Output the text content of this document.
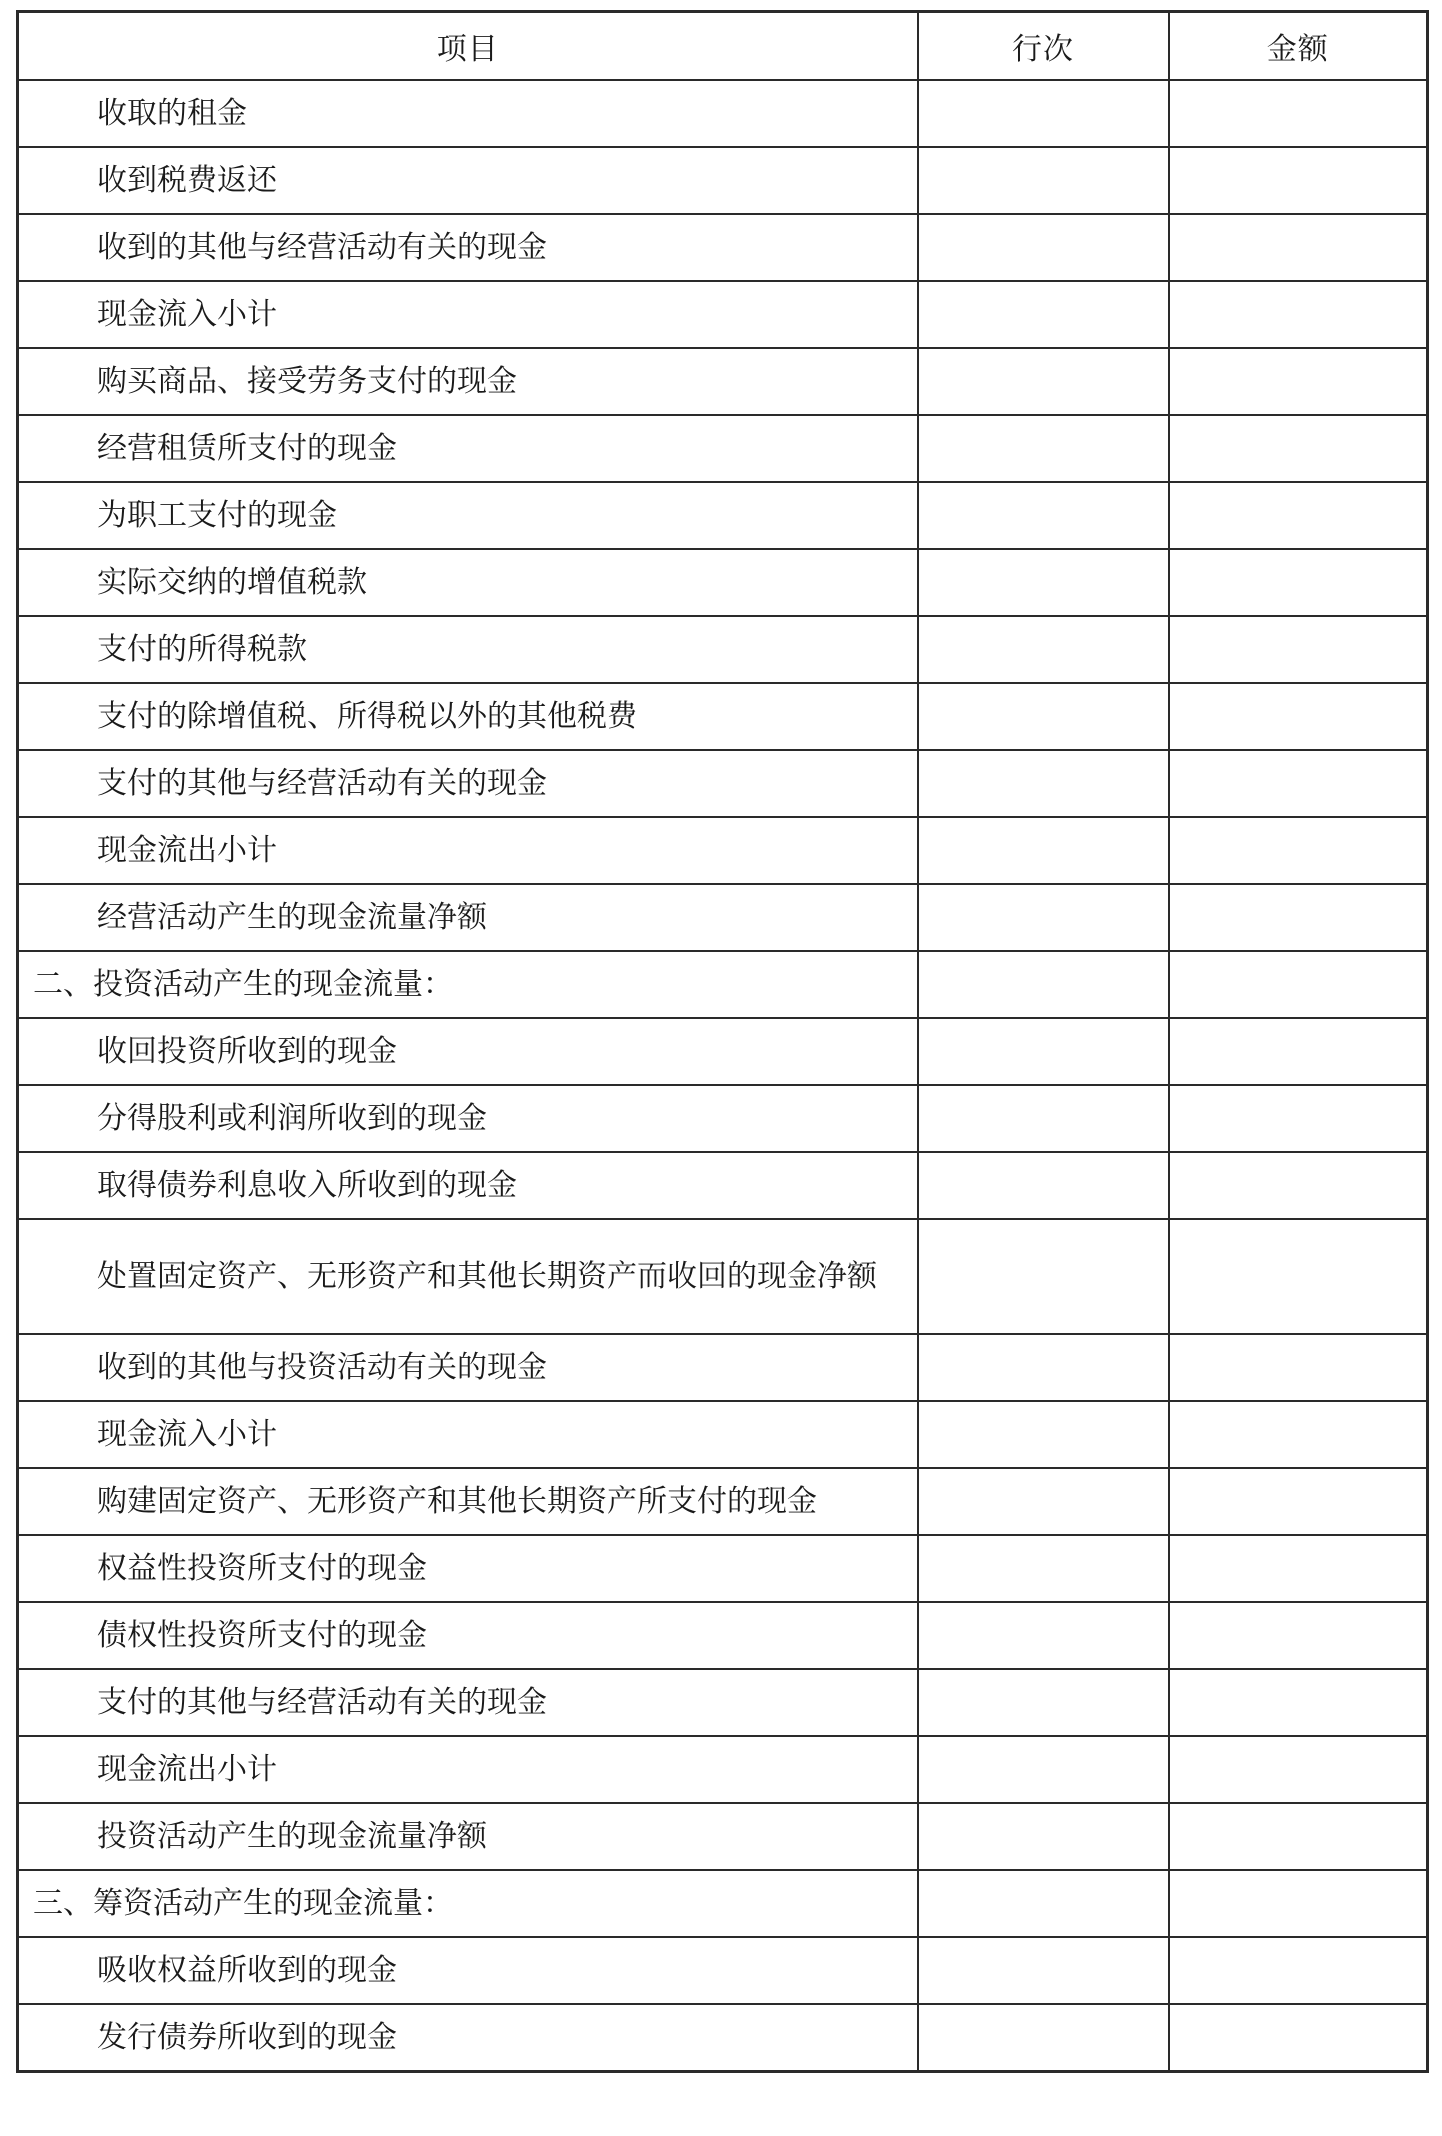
项目	行次	金额
收取的租金		
收到税费返还		
收到的其他与经营活动有关的现金		
现金流入小计		
购买商品、接受劳务支付的现金		
经营租赁所支付的现金		
为职工支付的现金		
实际交纳的增值税款		
支付的所得税款		
支付的除增值税、所得税以外的其他税费		
支付的其他与经营活动有关的现金		
现金流出小计		
经营活动产生的现金流量净额		
二、投资活动产生的现金流量：		
收回投资所收到的现金		
分得股利或利润所收到的现金		
取得债券利息收入所收到的现金		
处置固定资产、无形资产和其他长期资产而收回的现金净额		
收到的其他与投资活动有关的现金		
现金流入小计		
购建固定资产、无形资产和其他长期资产所支付的现金		
权益性投资所支付的现金		
债权性投资所支付的现金		
支付的其他与经营活动有关的现金		
现金流出小计		
投资活动产生的现金流量净额		
三、筹资活动产生的现金流量：		
吸收权益所收到的现金		
发行债券所收到的现金		
